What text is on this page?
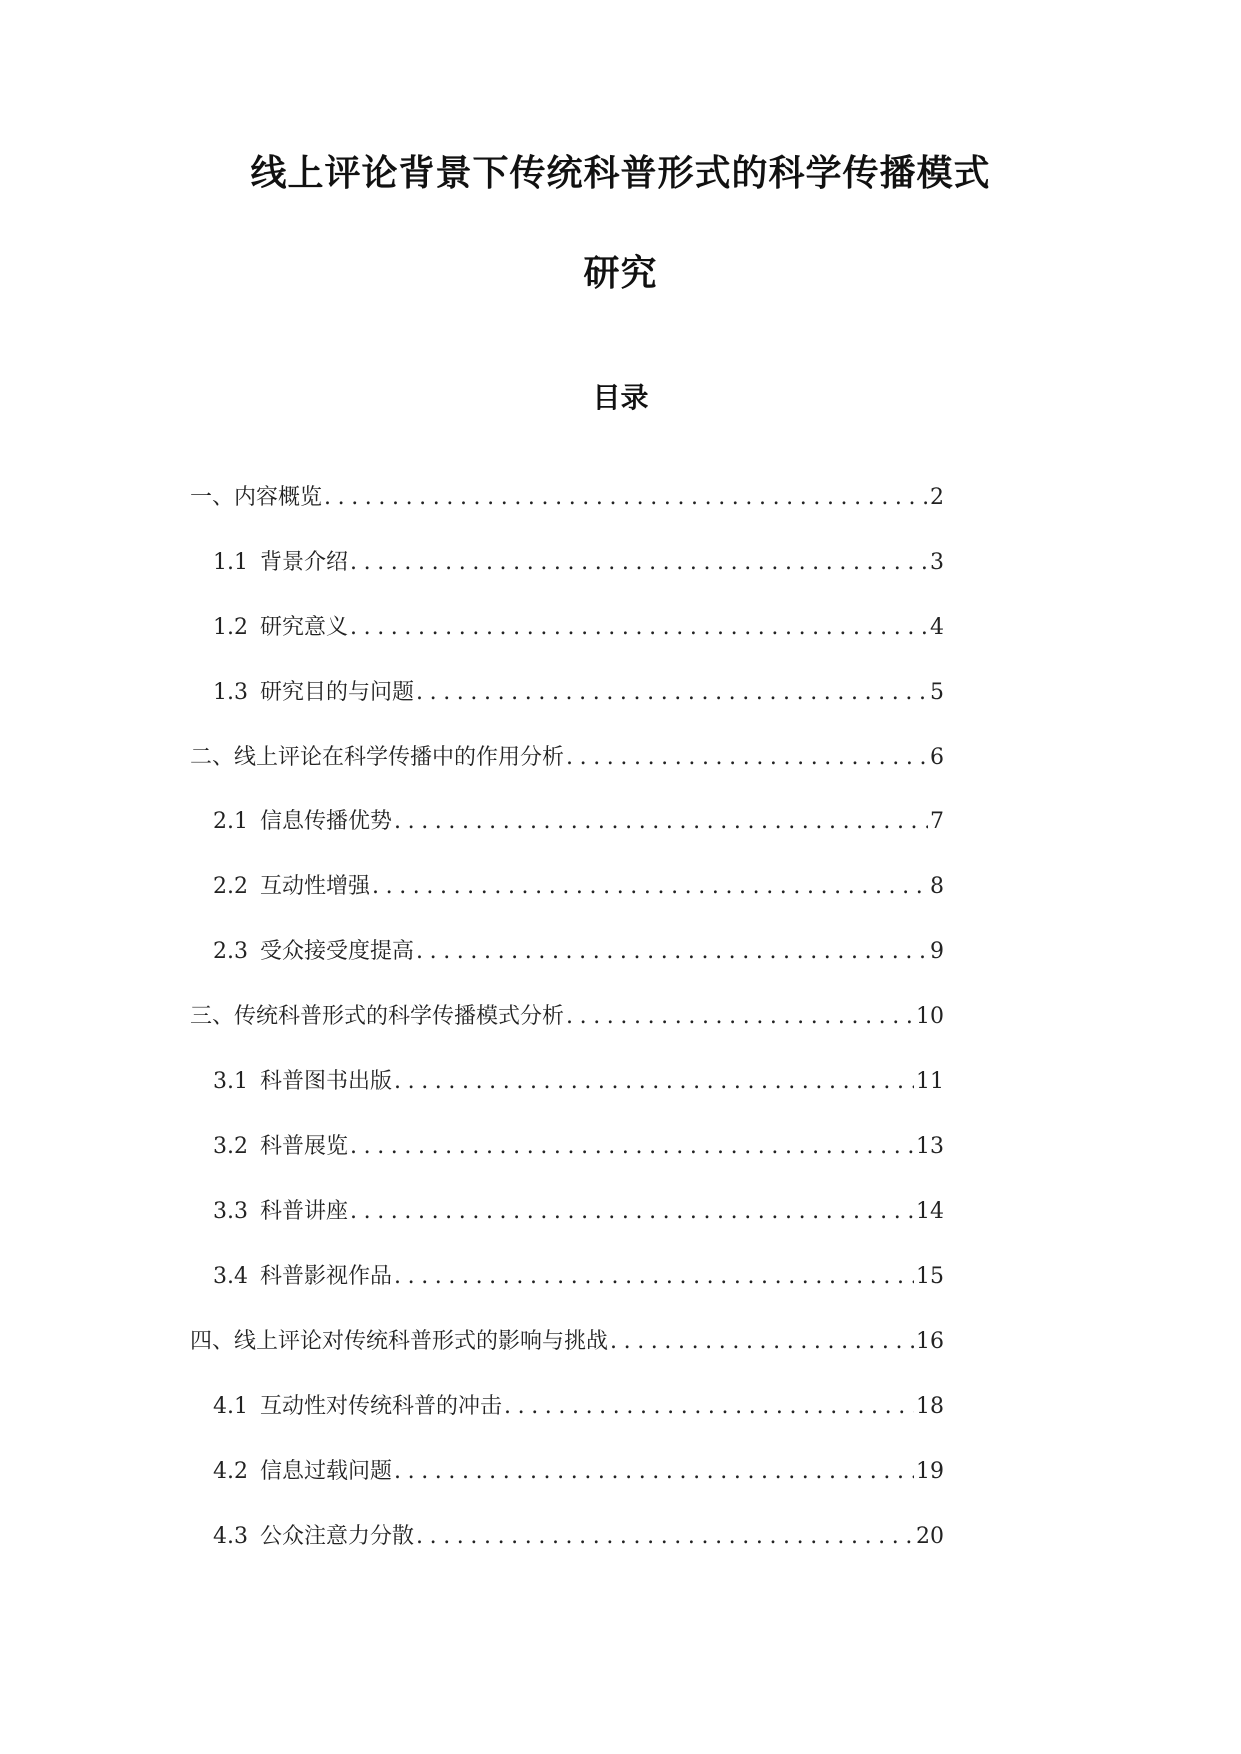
线上评论背景下传统科普形式的科学传播模式
研究
目录
一、内容概览 .....	2
1.1 背景介绍 .....	3
1.2 研究意义 .....	4
1.3 研究目的与问题 .....	5
二、线上评论在科学传播中的作用分析 .....	6
2.1 信息传播优势 .....	7
2.2 互动性增强 .....	8
2.3 受众接受度提高 .....	9
三、传统科普形式的科学传播模式分析 .....	10
3.1 科普图书出版 .....	11
3.2 科普展览 .....	13
3.3 科普讲座 .....	14
3.4 科普影视作品 .....	15
四、线上评论对传统科普形式的影响与挑战 .....	16
4.1 互动性对传统科普的冲击 .....	18
4.2 信息过载问题 .....	19
4.3 公众注意力分散 .....	20
